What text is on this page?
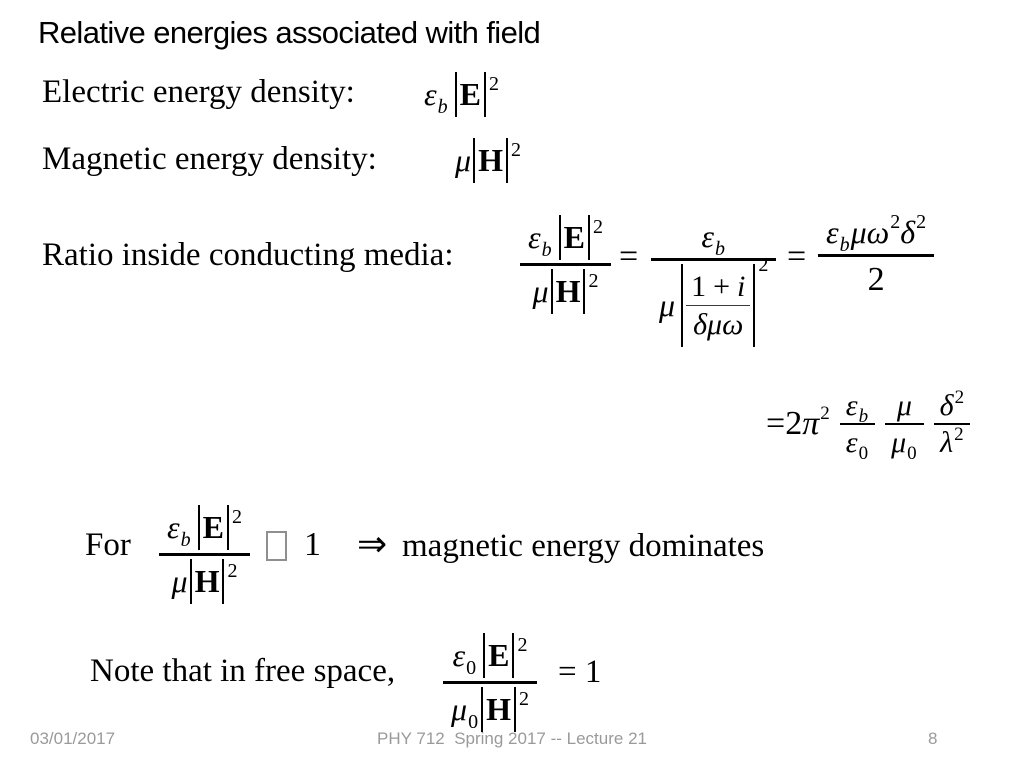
Relative energies associated with field
Electric energy density: ε b E 2
Magnetic energy density: μ H 2
Ratio inside conducting media: ε b E 2
μ H 2
=
ε b
μ
1 + i
δμω
2 =
ε b μ ω 2 δ 2
2
$=2\pi^2$ ε b
ε 0
μ
μ 0
δ 2
λ 2
For ε b E 2
μ H 2
1 ⇒ magnetic energy dominates
Note that in free space, ε 0 E 2
μ 0 H 2
= 1
03/01/2017	PHY 712  Spring 2017 -- Lecture 21	8
